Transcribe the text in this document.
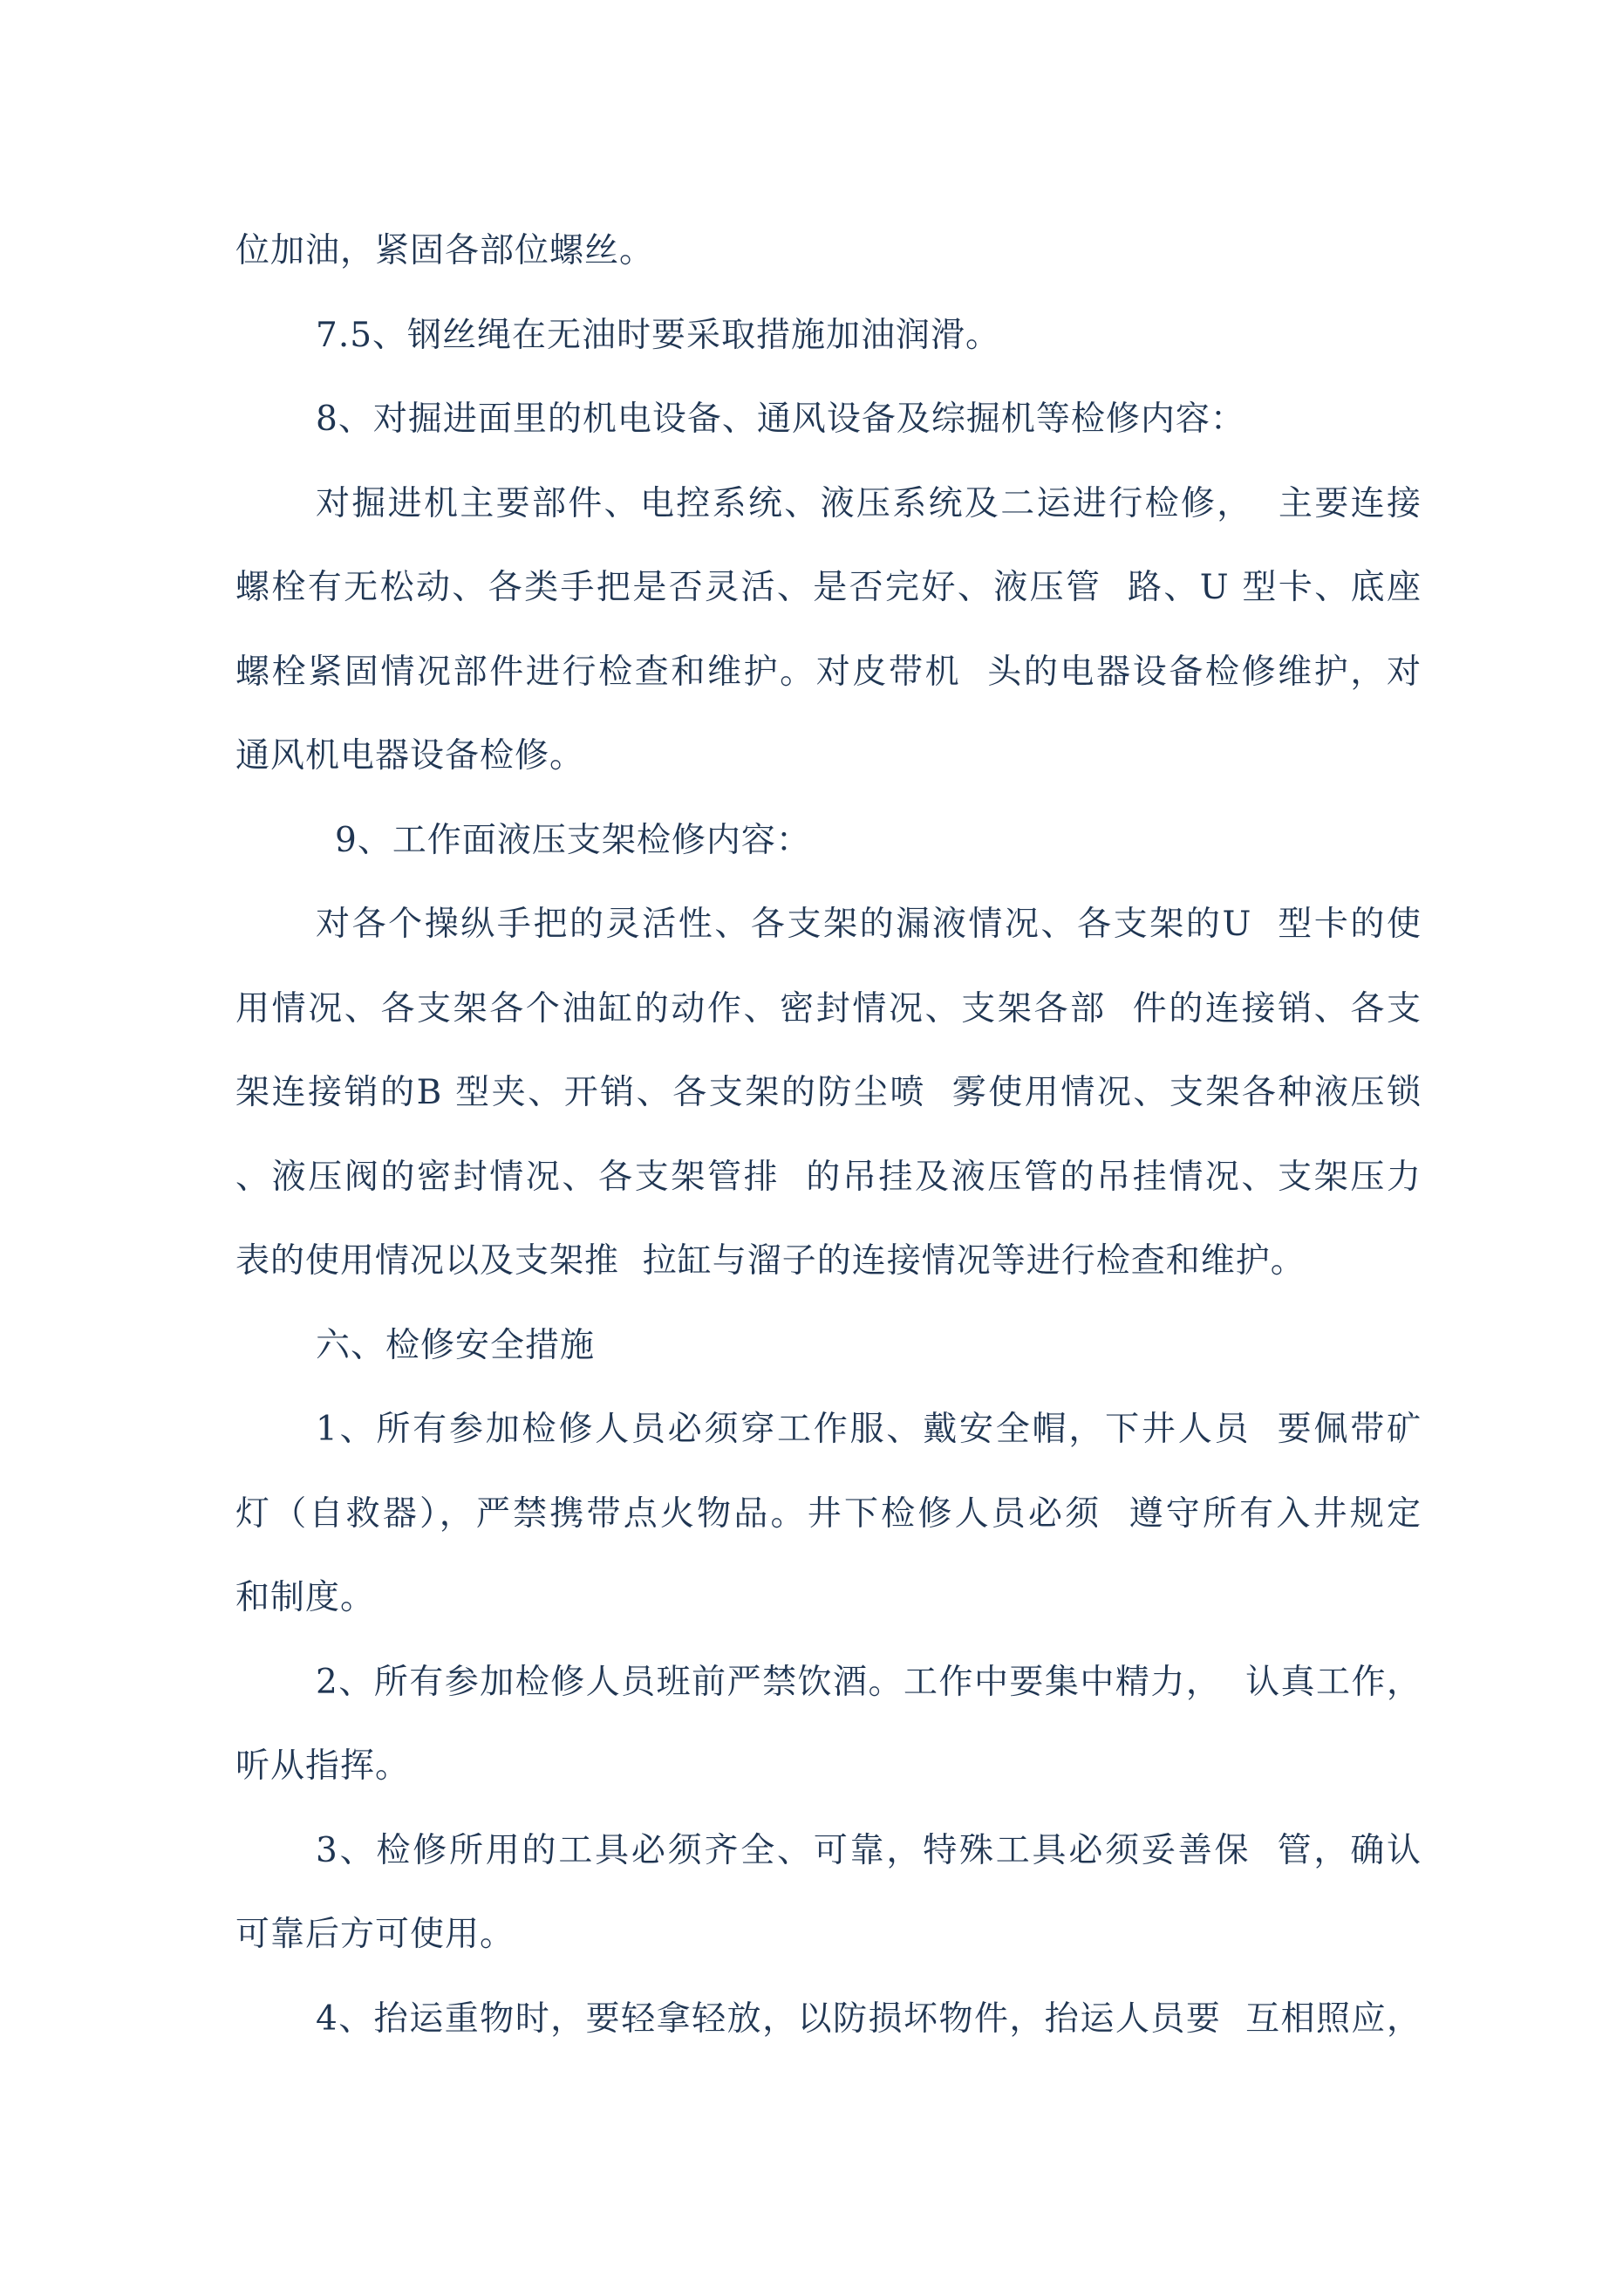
位加油，紧固各部位螺丝。
7.5、钢丝绳在无油时要采取措施加油润滑。
8、对掘进面里的机电设备、通风设备及综掘机等检修内容：
对掘进机主要部件、电控系统、液压系统及二运进行检修，  主要连接
螺栓有无松动、各类手把是否灵活、是否完好、液压管  路、U 型卡、底座
螺栓紧固情况部件进行检查和维护。对皮带机  头的电器设备检修维护，对
通风机电器设备检修。
9、工作面液压支架检修内容：
对各个操纵手把的灵活性、各支架的漏液情况、各支架的U  型卡的使
用情况、各支架各个油缸的动作、密封情况、支架各部  件的连接销、各支
架连接销的B 型夹、开销、各支架的防尘喷  雾使用情况、支架各种液压锁
、液压阀的密封情况、各支架管排  的吊挂及液压管的吊挂情况、支架压力
表的使用情况以及支架推  拉缸与溜子的连接情况等进行检查和维护。
六、检修安全措施
1、所有参加检修人员必须穿工作服、戴安全帽，下井人员  要佩带矿
灯（自救器），严禁携带点火物品。井下检修人员必须  遵守所有入井规定
和制度。
2、所有参加检修人员班前严禁饮酒。工作中要集中精力，  认真工作，
听从指挥。
3、检修所用的工具必须齐全、可靠，特殊工具必须妥善保  管，确认
可靠后方可使用。
4、抬运重物时，要轻拿轻放，以防损坏物件，抬运人员要  互相照应，
